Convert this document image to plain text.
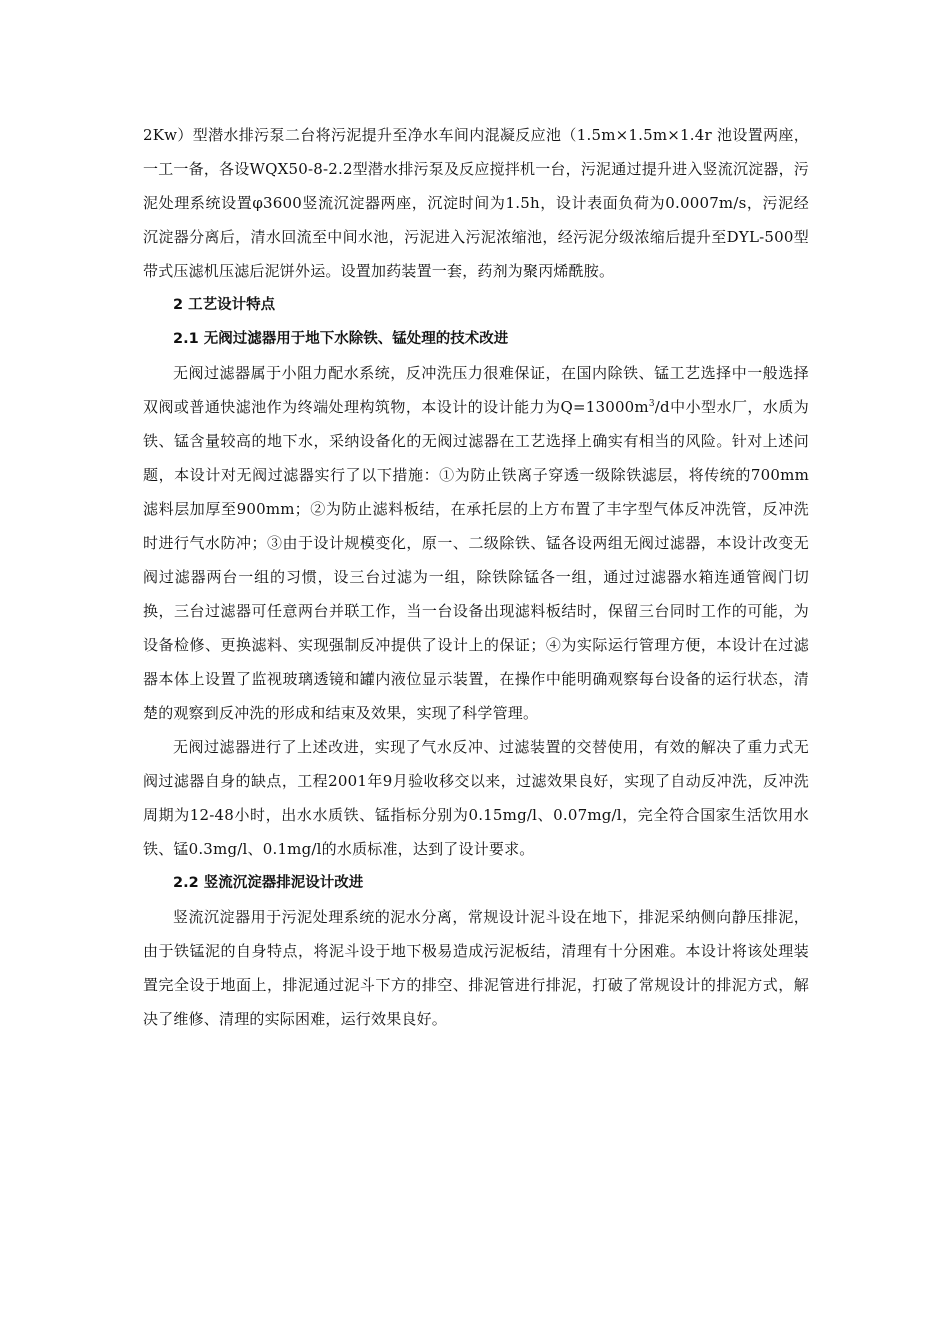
2Kw）型潜水排污泵二台将污泥提升至净水车间内混凝反应池（1.5m×1.5m×1.4r 池设置两座，一工一备，各设WQX50-8-2.2型潜水排污泵及反应搅拌机一台，污泥通过提升进入竖流沉淀器，污泥处理系统设置φ3600竖流沉淀器两座，沉淀时间为1.5h，设计表面负荷为0.0007m/s，污泥经沉淀器分离后，清水回流至中间水池，污泥进入污泥浓缩池，经污泥分级浓缩后提升至DYL-500型带式压滤机压滤后泥饼外运。设置加药装置一套，药剂为聚丙烯酰胺。

2 工艺设计特点

2.1 无阀过滤器用于地下水除铁、锰处理的技术改进

无阀过滤器属于小阻力配水系统，反冲洗压力很难保证，在国内除铁、锰工艺选择中一般选择双阀或普通快滤池作为终端处理构筑物，本设计的设计能力为$Q=13000m^3/d$中小型水厂，水质为铁、锰含量较高的地下水，采纳设备化的无阀过滤器在工艺选择上确实有相当的风险。针对上述问题，本设计对无阀过滤器实行了以下措施：①为防止铁离子穿透一级除铁滤层，将传统的700mm滤料层加厚至900mm；②为防止滤料板结，在承托层的上方布置了丰字型气体反冲洗管，反冲洗时进行气水防冲；③由于设计规模变化，原一、二级除铁、锰各设两组无阀过滤器，本设计改变无阀过滤器两台一组的习惯，设三台过滤为一组，除铁除锰各一组，通过过滤器水箱连通管阀门切换，三台过滤器可任意两台并联工作，当一台设备出现滤料板结时，保留三台同时工作的可能，为设备检修、更换滤料、实现强制反冲提供了设计上的保证；④为实际运行管理方便，本设计在过滤器本体上设置了监视玻璃透镜和罐内液位显示装置，在操作中能明确观察每台设备的运行状态，清楚的观察到反冲洗的形成和结束及效果，实现了科学管理。

无阀过滤器进行了上述改进，实现了气水反冲、过滤装置的交替使用，有效的解决了重力式无阀过滤器自身的缺点，工程2001年9月验收移交以来，过滤效果良好，实现了自动反冲洗，反冲洗周期为12-48小时，出水水质铁、锰指标分别为0.15mg/l、0.07mg/l，完全符合国家生活饮用水铁、锰0.3mg/l、0.1mg/l的水质标准，达到了设计要求。

2.2 竖流沉淀器排泥设计改进

竖流沉淀器用于污泥处理系统的泥水分离，常规设计泥斗设在地下，排泥采纳侧向静压排泥，由于铁锰泥的自身特点，将泥斗设于地下极易造成污泥板结，清理有十分困难。本设计将该处理装置完全设于地面上，排泥通过泥斗下方的排空、排泥管进行排泥，打破了常规设计的排泥方式，解决了维修、清理的实际困难，运行效果良好。
